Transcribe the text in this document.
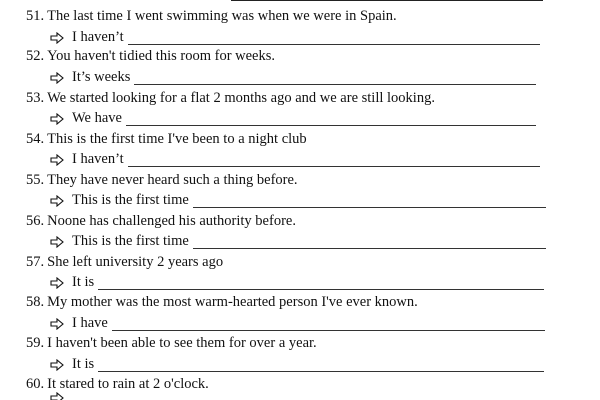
51. The last time I went swimming was when we were in Spain.
I haven’t
52. You haven't tidied this room for weeks.
It’s weeks
53. We started looking for a flat 2 months ago and we are still looking.
We have
54. This is the first time I've been to a night club
I haven’t
55. They have never heard such a thing before.
This is the first time
56. Noone has challenged his authority before.
This is the first time
57. She left university 2 years ago
It is
58. My mother was the most warm-hearted person I've ever known.
I have
59. I haven't been able to see them for over a year.
It is
60. It stared to rain at 2 o'clock.
